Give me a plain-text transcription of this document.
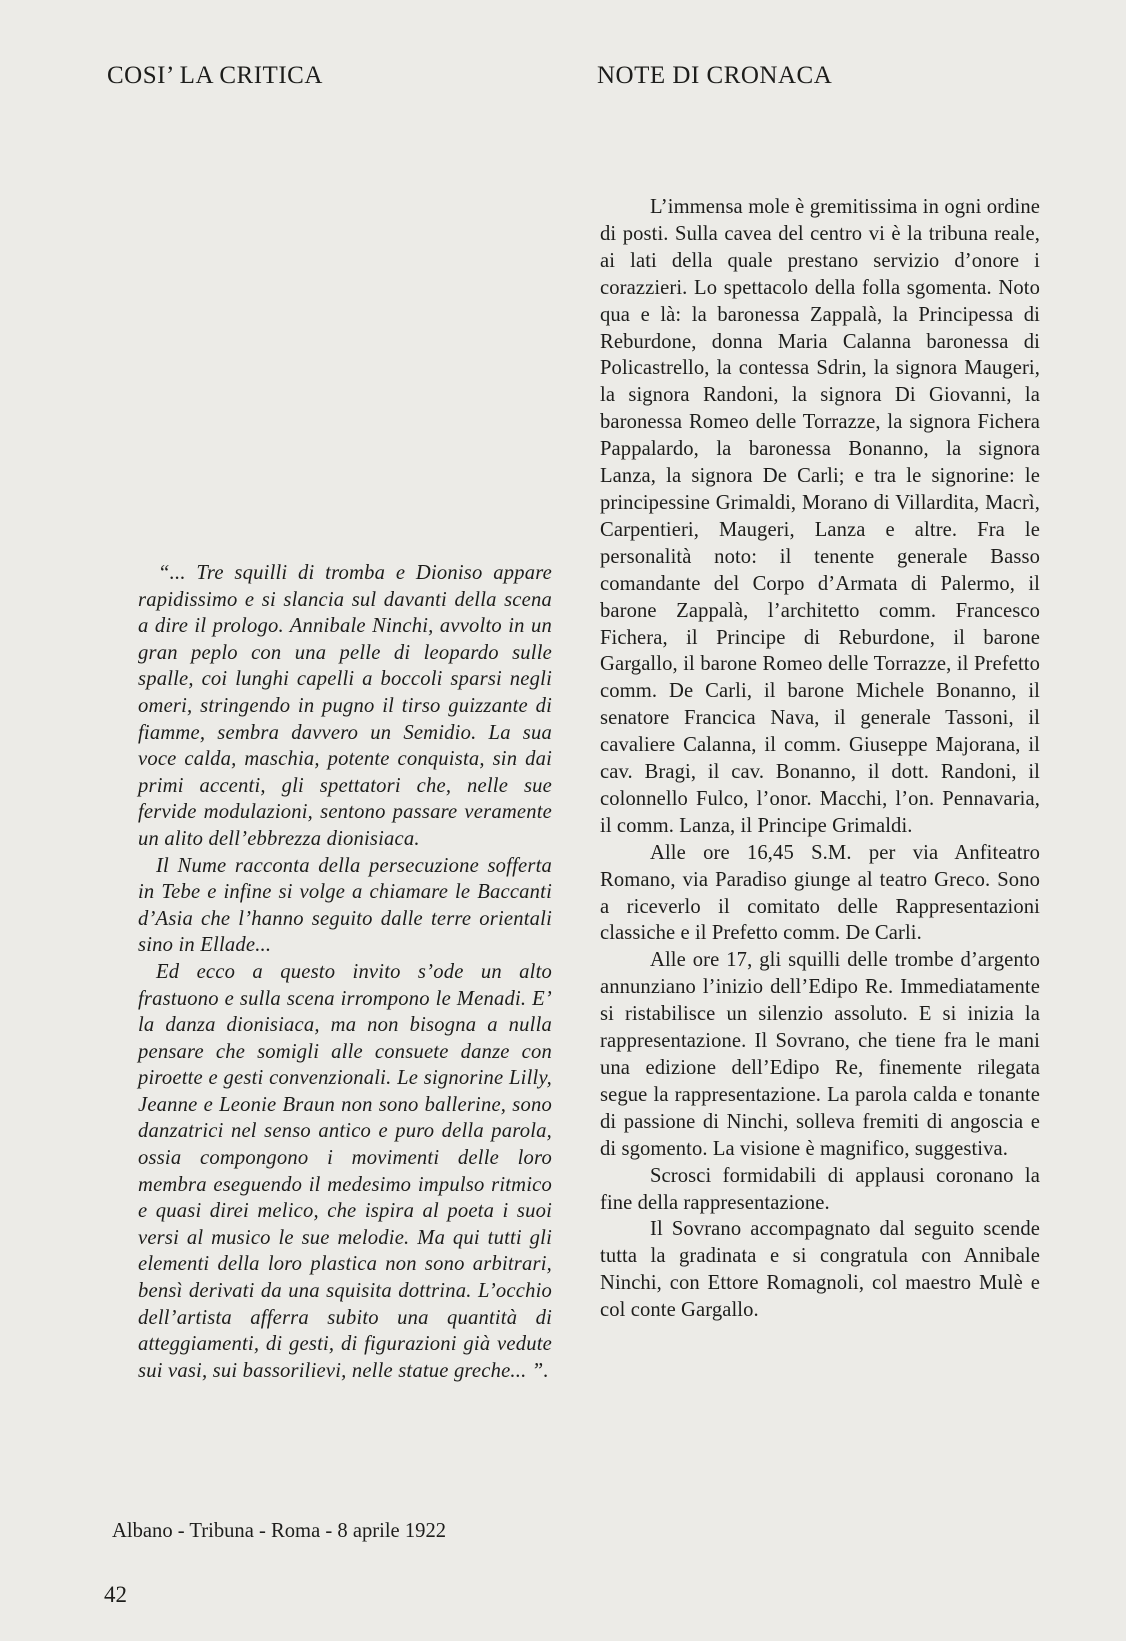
COSI’ LA CRITICA	NOTE DI CRONACA

“... Tre squilli di tromba e Dioniso appare rapidissimo e si slancia sul davanti della scena a dire il prologo. Annibale Ninchi, avvolto in un gran peplo con una pelle di leopardo sulle spalle, coi lunghi capelli a boccoli sparsi negli omeri, stringendo in pugno il tirso guizzante di fiamme, sembra davvero un Semidio. La sua voce calda, maschia, potente conquista, sin dai primi accenti, gli spettatori che, nelle sue fervide modulazioni, sentono passare veramente un alito dell’ebbrezza dionisiaca.

Il Nume racconta della persecuzione sofferta in Tebe e infine si volge a chiamare le Baccanti d’Asia che l’hanno seguito dalle terre orientali sino in Ellade...

Ed ecco a questo invito s’ode un alto frastuono e sulla scena irrompono le Menadi. E’ la danza dionisiaca, ma non bisogna a nulla pensare che somigli alle consuete danze con piroette e gesti convenzionali. Le signorine Lilly, Jeanne e Leonie Braun non sono ballerine, sono danzatrici nel senso antico e puro della parola, ossia compongono i movimenti delle loro membra eseguendo il medesimo impulso ritmico e quasi direi melico, che ispira al poeta i suoi versi al musico le sue melodie. Ma qui tutti gli elementi della loro plastica non sono arbitrari, bensì derivati da una squisita dottrina. L’occhio dell’artista afferra subito una quantità di atteggiamenti, di gesti, di figurazioni già vedute sui vasi, sui bassorilievi, nelle statue greche... ”.

Albano - Tribuna - Roma - 8 aprile 1922

L’immensa mole è gremitissima in ogni ordine di posti. Sulla cavea del centro vi è la tribuna reale, ai lati della quale prestano servizio d’onore i corazzieri. Lo spettacolo della folla sgomenta. Noto qua e là: la baronessa Zappalà, la Principessa di Reburdone, donna Maria Calanna baronessa di Policastrello, la contessa Sdrin, la signora Maugeri, la signora Randoni, la signora Di Giovanni, la baronessa Romeo delle Torrazze, la signora Fichera Pappalardo, la baronessa Bonanno, la signora Lanza, la signora De Carli; e tra le signorine: le principessine Grimaldi, Morano di Villardita, Macrì, Carpentieri, Maugeri, Lanza e altre. Fra le personalità noto: il tenente generale Basso comandante del Corpo d’Armata di Palermo, il barone Zappalà, l’architetto comm. Francesco Fichera, il Principe di Reburdone, il barone Gargallo, il barone Romeo delle Torrazze, il Prefetto comm. De Carli, il barone Michele Bonanno, il senatore Francica Nava, il generale Tassoni, il cavaliere Calanna, il comm. Giuseppe Majorana, il cav. Bragi, il cav. Bonanno, il dott. Randoni, il colonnello Fulco, l’onor. Macchi, l’on. Pennavaria, il comm. Lanza, il Principe Grimaldi.

Alle ore 16,45 S.M. per via Anfiteatro Romano, via Paradiso giunge al teatro Greco. Sono a riceverlo il comitato delle Rappresentazioni classiche e il Prefetto comm. De Carli.

Alle ore 17, gli squilli delle trombe d’argento annunziano l’inizio dell’Edipo Re. Immediatamente si ristabilisce un silenzio assoluto. E si inizia la rappresentazione. Il Sovrano, che tiene fra le mani una edizione dell’Edipo Re, finemente rilegata segue la rappresentazione. La parola calda e tonante di passione di Ninchi, solleva fremiti di angoscia e di sgomento. La visione è magnifico, suggestiva.

Scrosci formidabili di applausi coronano la fine della rappresentazione.

Il Sovrano accompagnato dal seguito scende tutta la gradinata e si congratula con Annibale Ninchi, con Ettore Romagnoli, col maestro Mulè e col conte Gargallo.

42
